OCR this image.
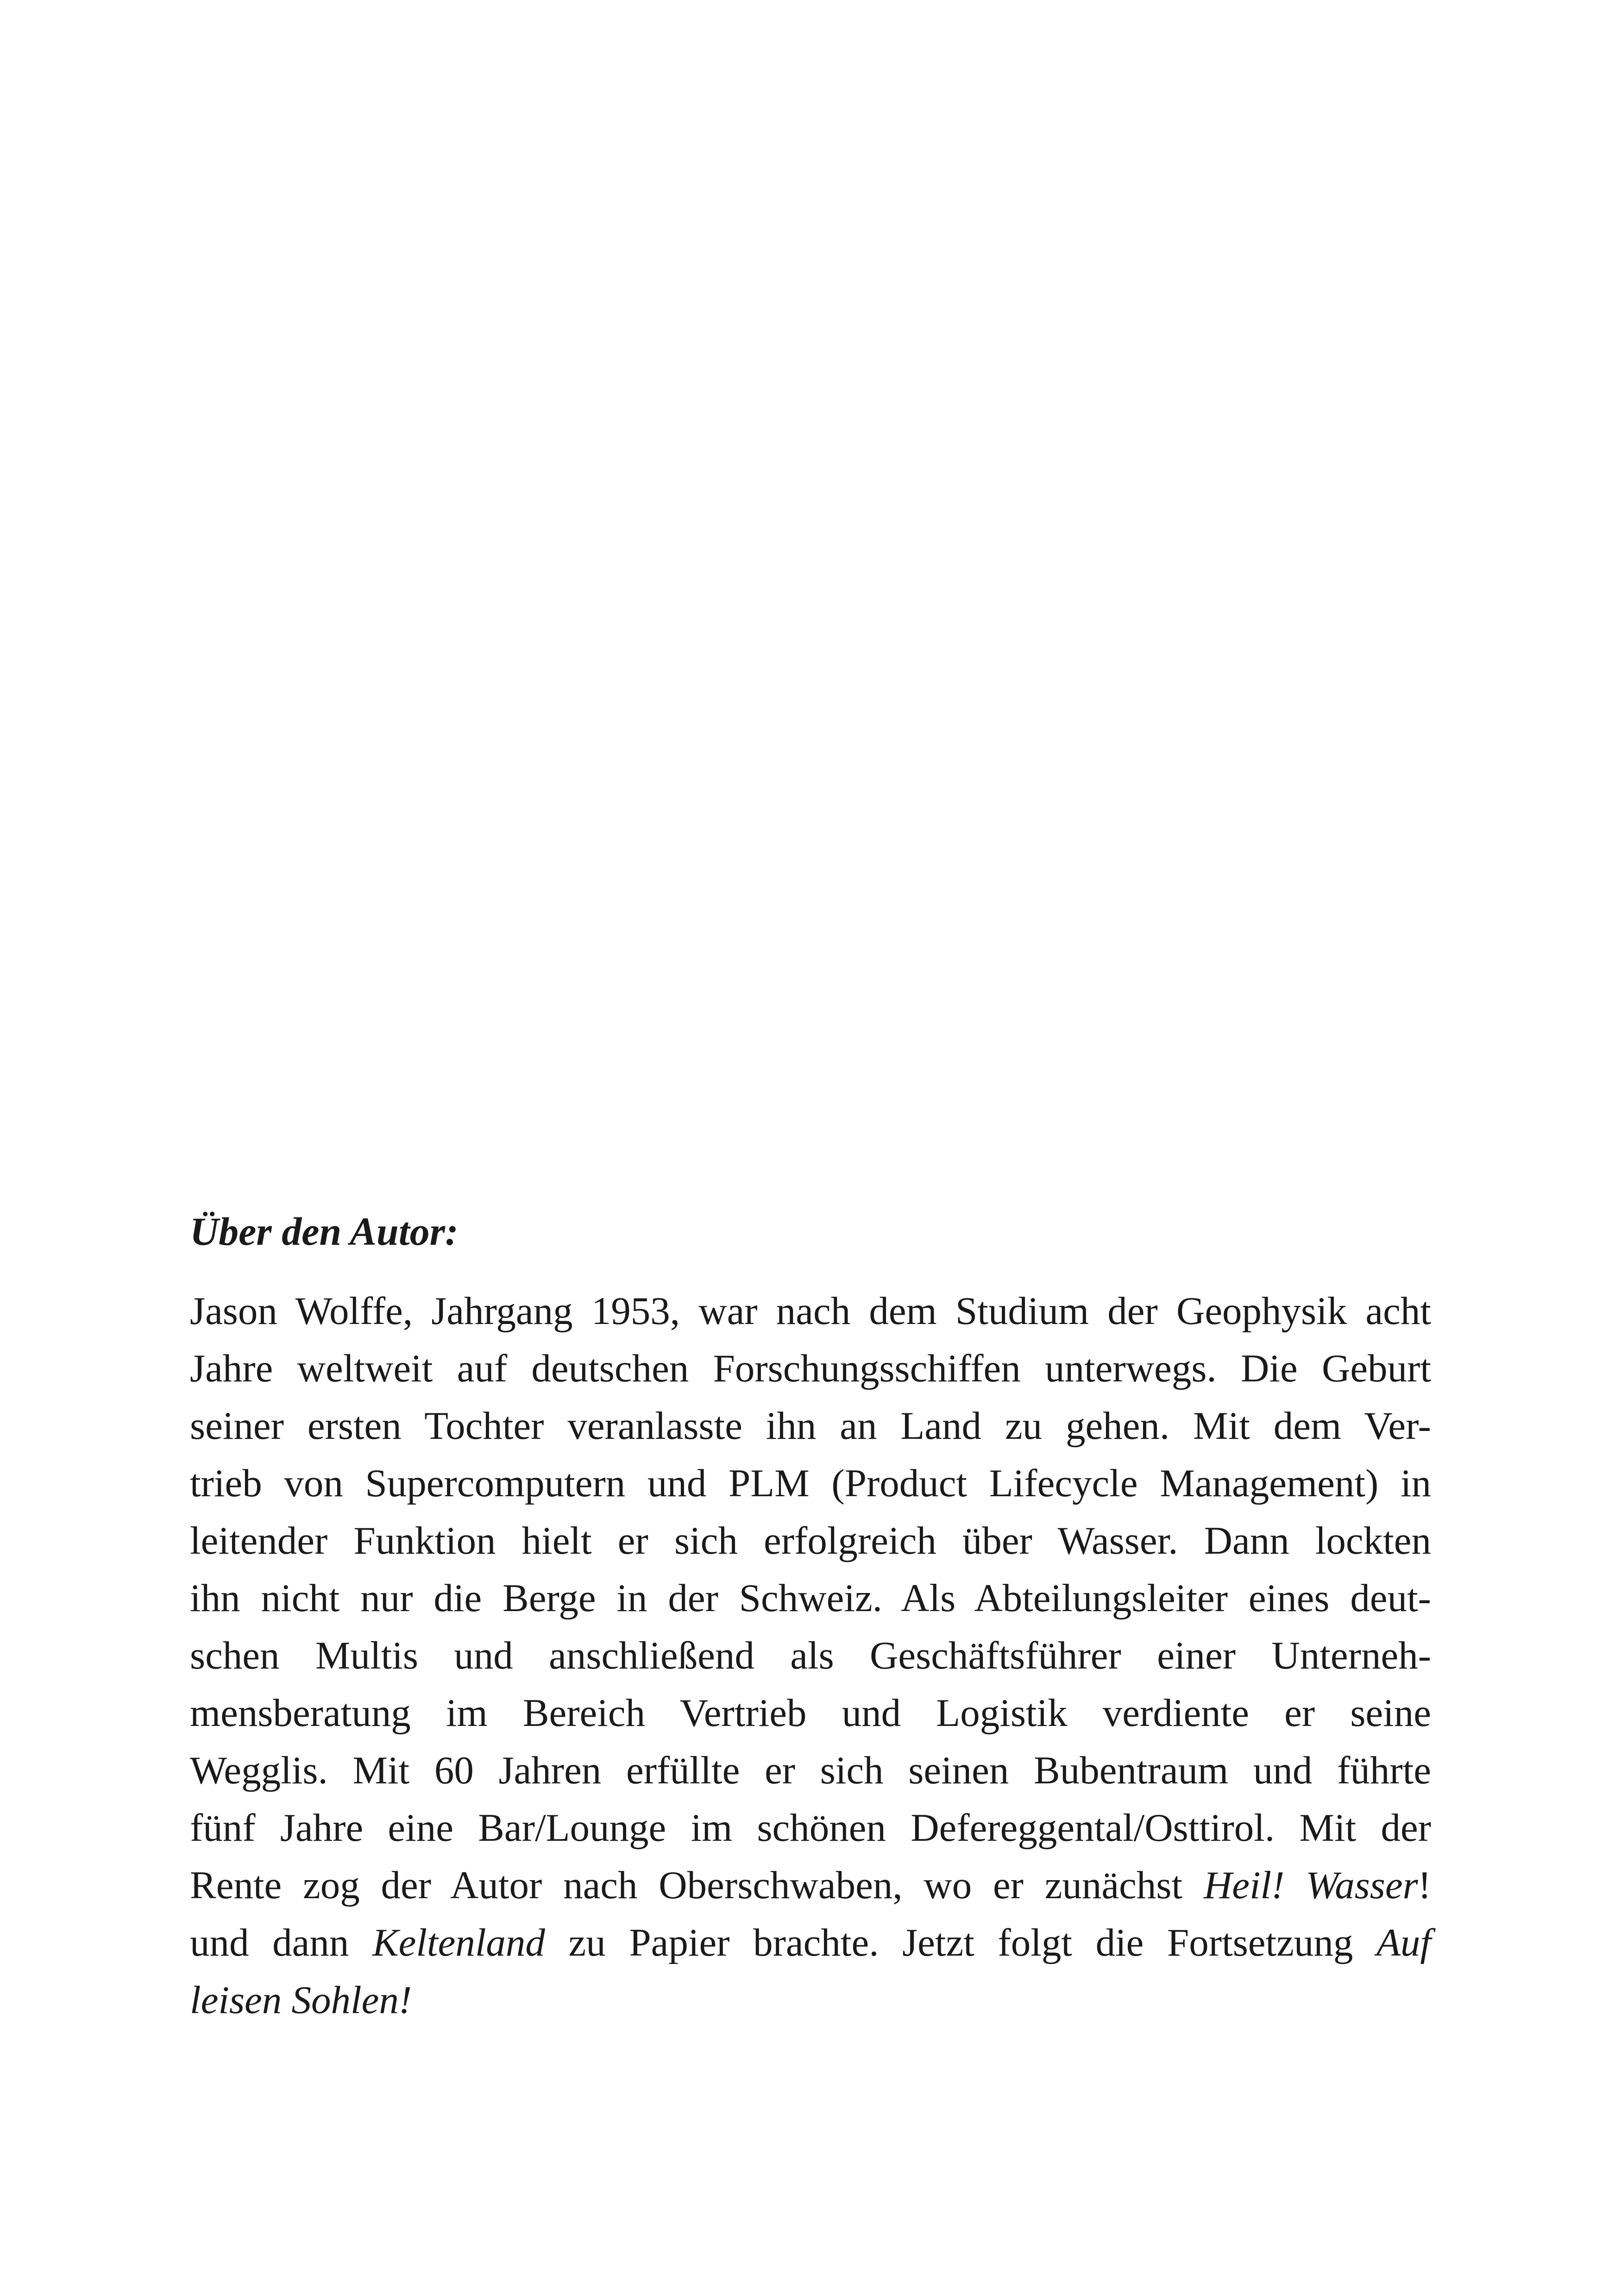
Über den Autor:
Jason Wolffe, Jahrgang 1953, war nach dem Studium der Geophysik acht
Jahre weltweit auf deutschen Forschungsschiffen unterwegs. Die Geburt
seiner ersten Tochter veranlasste ihn an Land zu gehen. Mit dem Ver-
trieb von Supercomputern und PLM (Product Lifecycle Management) in
leitender Funktion hielt er sich erfolgreich über Wasser. Dann lockten
ihn nicht nur die Berge in der Schweiz. Als Abteilungsleiter eines deut-
schen Multis und anschließend als Geschäftsführer einer Unterneh-
mensberatung im Bereich Vertrieb und Logistik verdiente er seine
Wegglis. Mit 60 Jahren erfüllte er sich seinen Bubentraum und führte
fünf Jahre eine Bar/Lounge im schönen Defereggental/Osttirol. Mit der
Rente zog der Autor nach Oberschwaben, wo er zunächst Heil! Wasser!
und dann Keltenland zu Papier brachte. Jetzt folgt die Fortsetzung Auf
leisen Sohlen!
